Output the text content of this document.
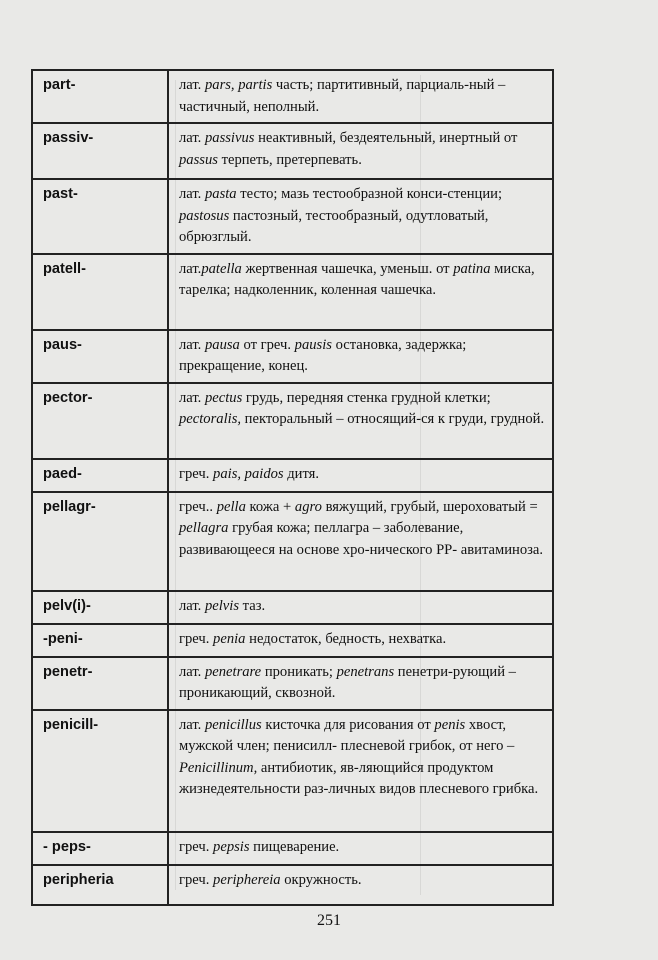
part-	лат. pars, partis часть; партитивный, парциаль-ный – частичный, неполный.
passiv-	лат. passivus неактивный, бездеятельный, инертный от passus терпеть, претерпевать.
past-	лат. pasta тесто; мазь тестообразной конси-стенции; pastosus пастозный, тестообразный, одутловатый, обрюзглый.
patell-	лат.patella жертвенная чашечка, уменьш. от patina миска, тарелка; надколенник, коленная чашечка.
paus-	лат. pausa от греч. pausis остановка, задержка; прекращение, конец.
pector-	лат. pectus грудь, передняя стенка грудной клетки; pectoralis, пекторальный – относящий-ся к груди, грудной.
paed-	греч. pais, paidos дитя.
pellagr-	греч.. pella кожа + agro вяжущий, грубый, шероховатый = pellagra грубая кожа; пеллагра – заболевание, развивающееся на основе хро-нического РР- авитаминоза.
pelv(i)-	лат. pelvis таз.
-peni-	греч. penia недостаток, бедность, нехватка.
penetr-	лат. penetrare проникать; penetrans пенетри-рующий – проникающий, сквозной.
penicill-	лат. penicillus кисточка для рисования от penis хвост, мужской член; пенисилл- плесневой грибок, от него – Penicillinum, антибиотик, яв-ляющийся продуктом жизнедеятельности раз-личных видов плесневого грибка.
- peps-	греч. pepsis пищеварение.
peripheria	греч. periphereia окружность.
251
